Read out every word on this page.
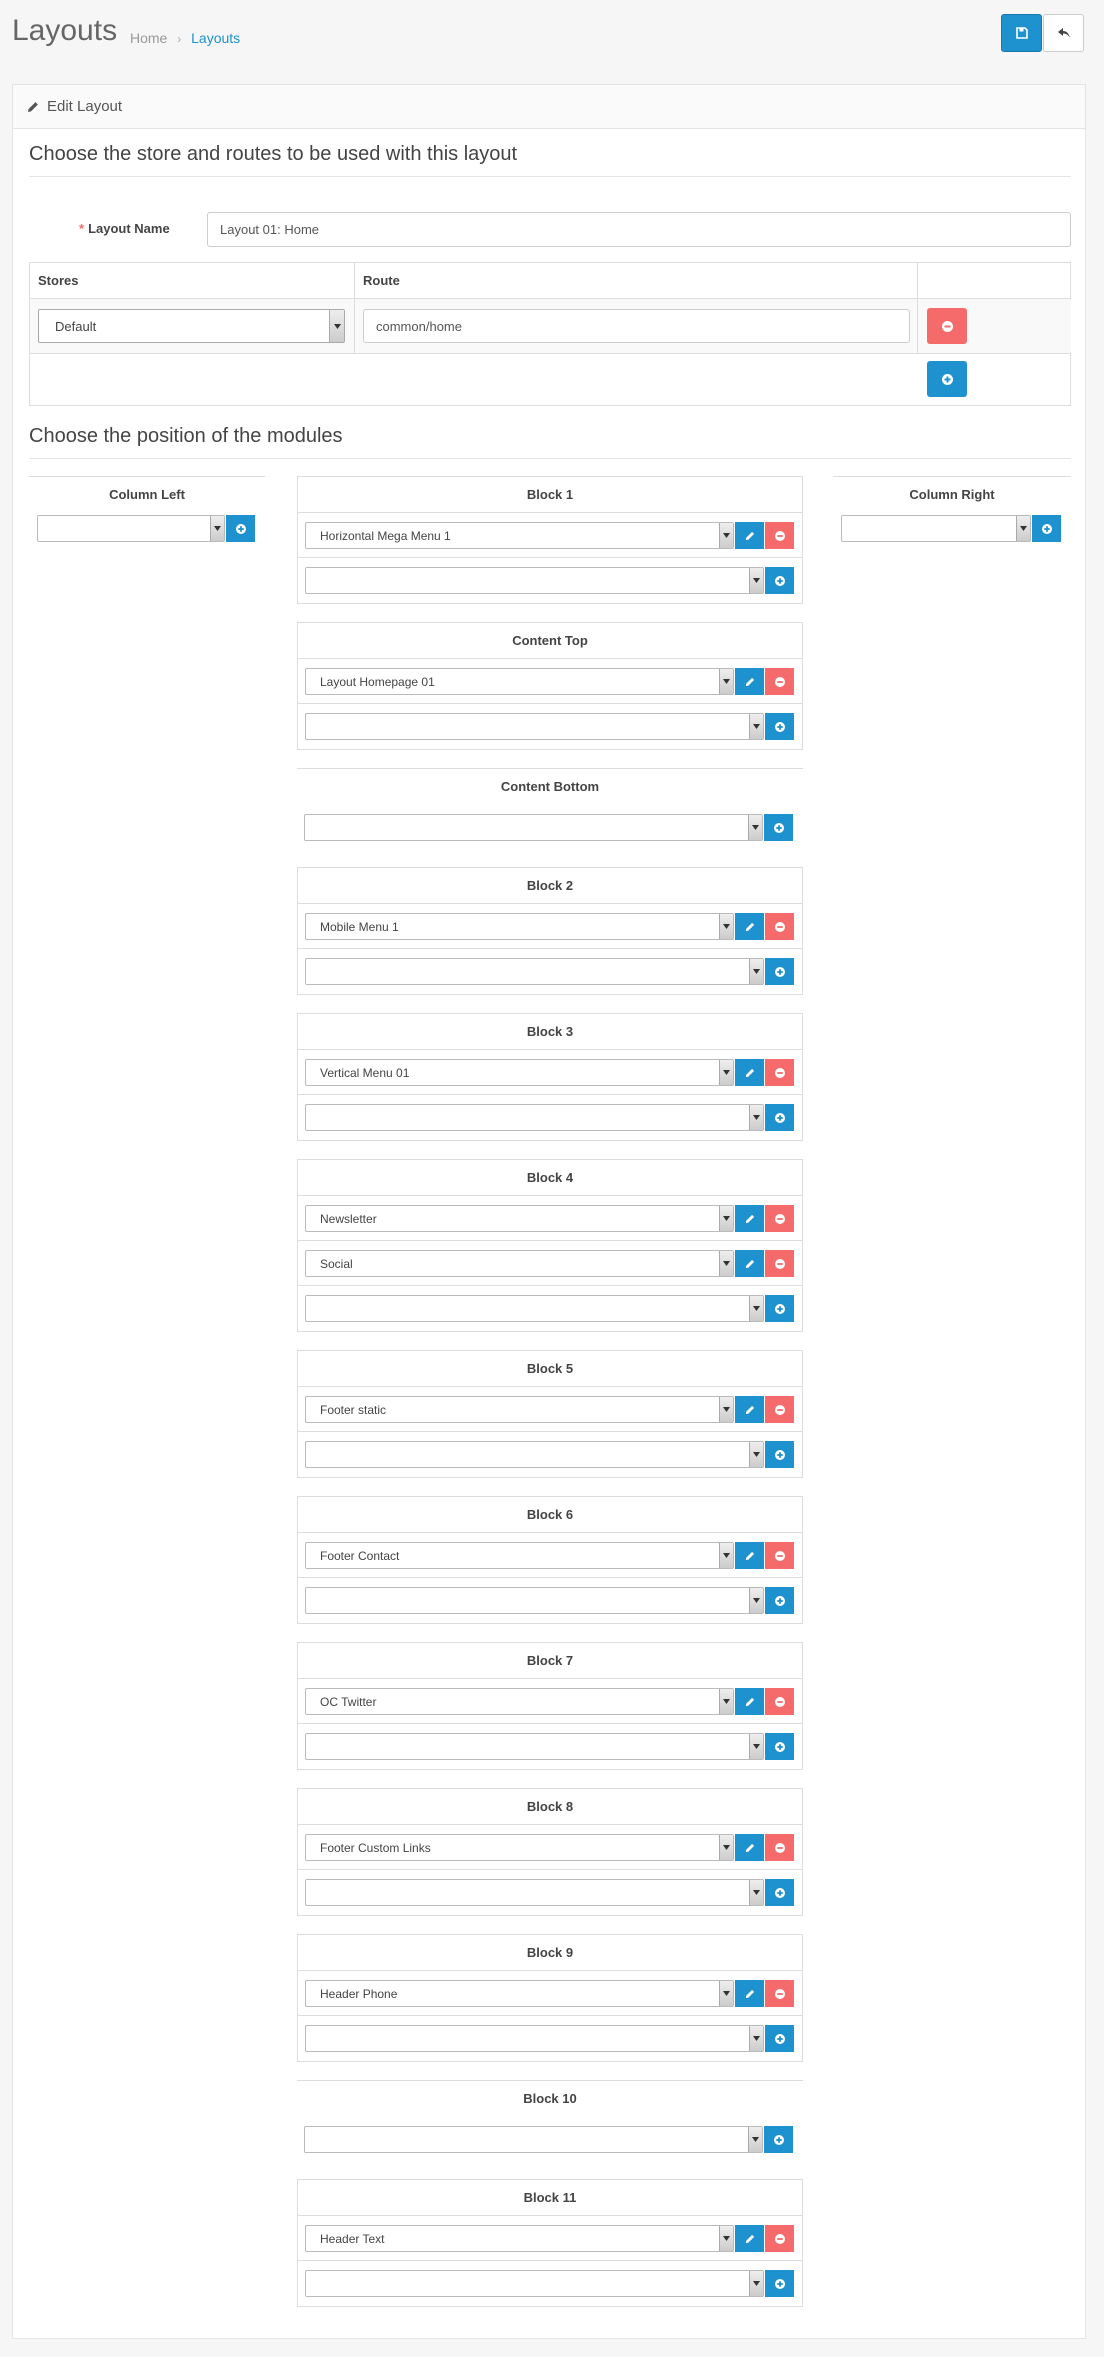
Layouts Home › Layouts
Edit Layout
Choose the store and routes to be used with this layout
* Layout Name	Layout 01: Home
Stores	Route
Default	common/home
Choose the position of the modules
Column Left	Column Right
Block 1
Horizontal Mega Menu 1
Content Top
Layout Homepage 01
Content Bottom
Block 2
Mobile Menu 1
Block 3
Vertical Menu 01
Block 4
Newsletter
Social
Block 5
Footer static
Block 6
Footer Contact
Block 7
OC Twitter
Block 8
Footer Custom Links
Block 9
Header Phone
Block 10
Block 11
Header Text
